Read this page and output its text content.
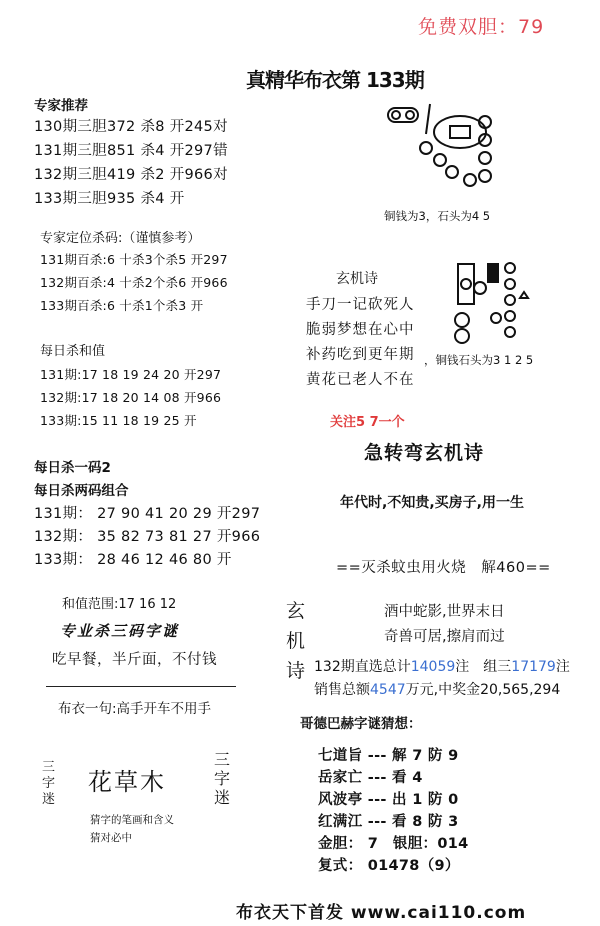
免费双胆：79
真精华布衣第 133期
专家推荐
130期三胆372 杀8 开245对
131期三胆851 杀4 开297错
132期三胆419 杀2 开966对
133期三胆935 杀4 开
专家定位杀码:（谨慎参考）
131期百杀:6 十杀3个杀5 开297
132期百杀:4 十杀2个杀6 开966
133期百杀:6 十杀1个杀3 开
每日杀和值
131期:17 18 19 24 20 开297
132期:17 18 20 14 08 开966
133期:15 11 18 19 25 开
每日杀一码2
每日杀两码组合
131期： 27 90 41 20 29 开297
132期： 35 82 73 81 27 开966
133期： 28 46 12 46 80 开
和值范围:17 16 12
专业杀三码字谜
吃早餐，半斤面，不付钱
布衣一句:高手开车不用手
三
字
迷
花草木
三
字
迷
猜字的笔画和含义
猜对必中
铜钱为3，石头为4 5
玄机诗
手刀一记砍死人
脆弱梦想在心中
补药吃到更年期
黄花已老人不在
，铜钱石头为3 1 2 5
关注5 7一个
急转弯玄机诗
年代时,不知贵,买房子,用一生
==灭杀蚊虫用火烧　解460==
玄
机
诗
酒中蛇影,世界末日
奇兽可居,擦肩而过
132期直选总计14059注　组三17179注
销售总额4547万元,中奖金20,565,294
哥德巴赫字谜猜想：
七道旨 --- 解 7 防 9
岳家亡 --- 看 4
风波亭 --- 出 1 防 0
红满江 --- 看 8 防 3
金胆： 7　银胆：014
复式： 01478（9）
布衣天下首发 www.cai110.com
